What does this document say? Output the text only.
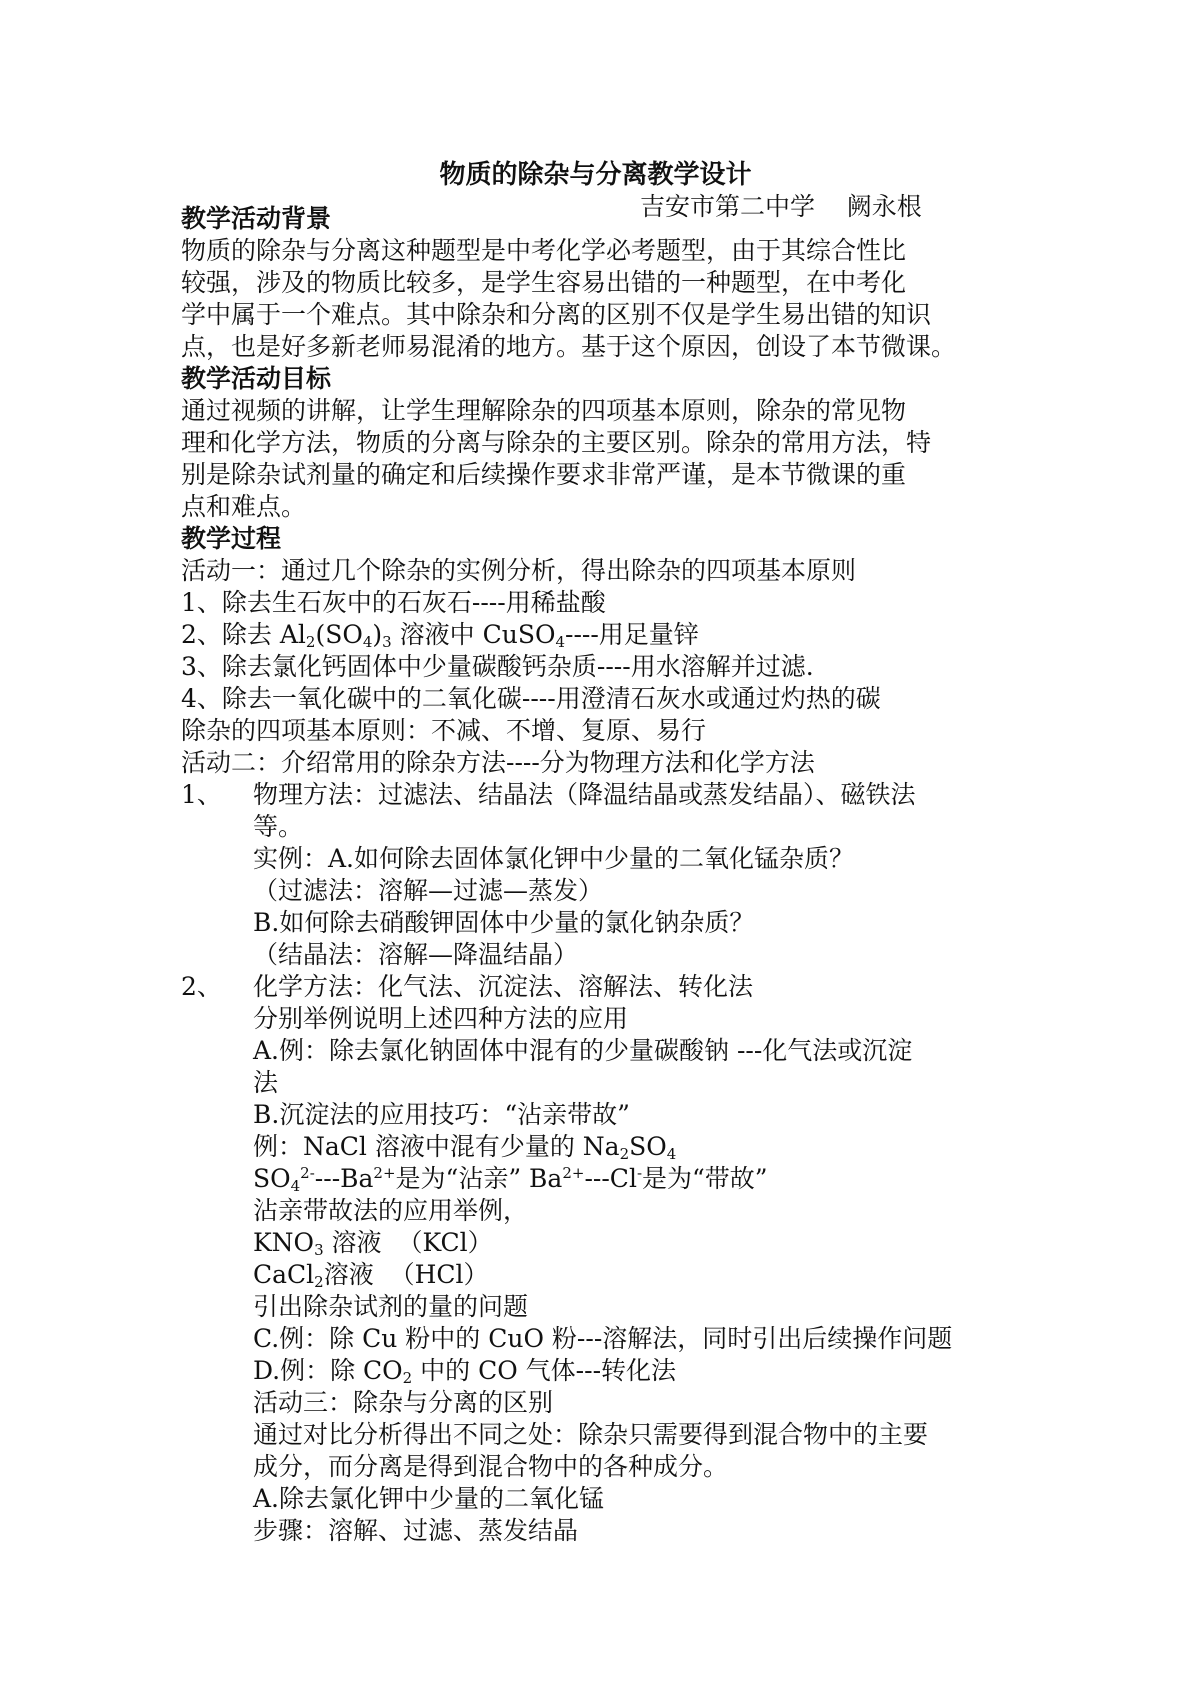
物质的除杂与分离教学设计
吉安市第二中学    阙永根
教学活动背景
物质的除杂与分离这种题型是中考化学必考题型，由于其综合性比
较强，涉及的物质比较多，是学生容易出错的一种题型，在中考化
学中属于一个难点。其中除杂和分离的区别不仅是学生易出错的知识
点，也是好多新老师易混淆的地方。基于这个原因，创设了本节微课。
教学活动目标
通过视频的讲解，让学生理解除杂的四项基本原则，除杂的常见物
理和化学方法，物质的分离与除杂的主要区别。除杂的常用方法，特
别是除杂试剂量的确定和后续操作要求非常严谨，是本节微课的重
点和难点。
教学过程
活动一：通过几个除杂的实例分析，得出除杂的四项基本原则
1、除去生石灰中的石灰石----用稀盐酸
2、除去 $Al_2(SO_4)_3$ 溶液中 CuSO$_4$----用足量锌
3、除去氯化钙固体中少量碳酸钙杂质----用水溶解并过滤.
4、除去一氧化碳中的二氧化碳----用澄清石灰水或通过灼热的碳
除杂的四项基本原则：不减、不增、复原、易行
活动二：介绍常用的除杂方法----分为物理方法和化学方法
1、 物理方法：过滤法、结晶法（降温结晶或蒸发结晶）、磁铁法
等。
实例：A.如何除去固体氯化钾中少量的二氧化锰杂质？
（过滤法：溶解—过滤—蒸发）
B.如何除去硝酸钾固体中少量的氯化钠杂质？
（结晶法：溶解—降温结晶）
2、 化学方法：化气法、沉淀法、溶解法、转化法
分别举例说明上述四种方法的应用
A.例：除去氯化钠固体中混有的少量碳酸钠 ---化气法或沉淀
法
B.沉淀法的应用技巧：“沾亲带故”
例：NaCl 溶液中混有少量的 $Na_2SO_4$
$SO_4^{2-}---Ba^{2+}$是为“沾亲” $Ba^{2+}---Cl^-$是为“带故”
沾亲带故法的应用举例，
$KNO_3$ 溶液  （KCl）
CaCl$_2$溶液  （HCl）
引出除杂试剂的量的问题
C.例：除 Cu 粉中的 CuO 粉---溶解法，同时引出后续操作问题
D.例：除 $CO_2$ 中的 CO 气体---转化法
活动三：除杂与分离的区别
通过对比分析得出不同之处：除杂只需要得到混合物中的主要
成分，而分离是得到混合物中的各种成分。
A.除去氯化钾中少量的二氧化锰
步骤：溶解、过滤、蒸发结晶
